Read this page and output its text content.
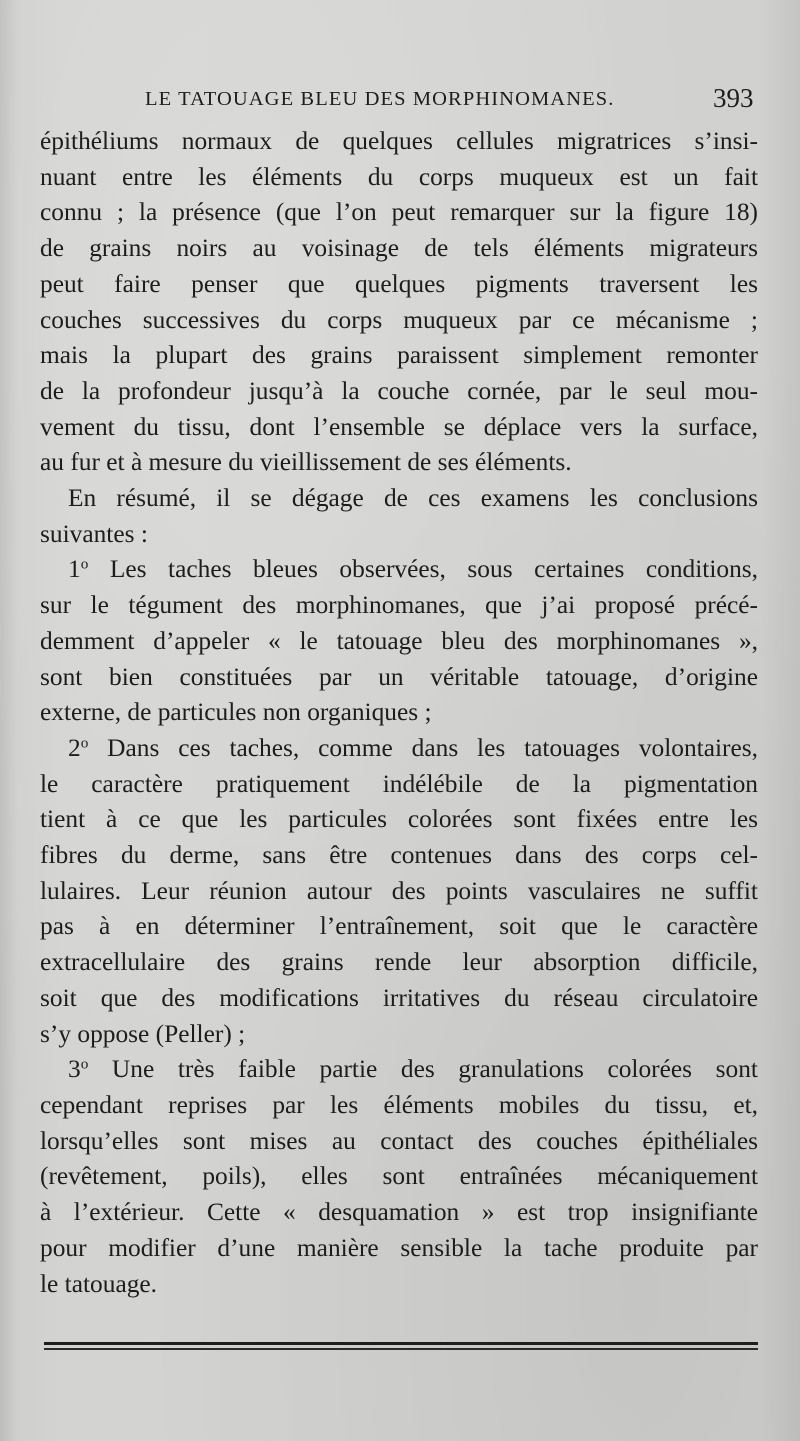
LE TATOUAGE BLEU DES MORPHINOMANES.	393

épithéliums normaux de quelques cellules migratrices s’insi-
nuant entre les éléments du corps muqueux est un fait
connu ; la présence (que l’on peut remarquer sur la figure 18)
de grains noirs au voisinage de tels éléments migrateurs
peut faire penser que quelques pigments traversent les
couches successives du corps muqueux par ce mécanisme ;
mais la plupart des grains paraissent simplement remonter
de la profondeur jusqu’à la couche cornée, par le seul mou-
vement du tissu, dont l’ensemble se déplace vers la surface,
au fur et à mesure du vieillissement de ses éléments.

En résumé, il se dégage de ces examens les conclusions
suivantes :

1$^o$ Les taches bleues observées, sous certaines conditions,
sur le tégument des morphinomanes, que j’ai proposé précé-
demment d’appeler « le tatouage bleu des morphinomanes »,
sont bien constituées par un véritable tatouage, d’origine
externe, de particules non organiques ;

2$^o$ Dans ces taches, comme dans les tatouages volontaires,
le caractère pratiquement indélébile de la pigmentation
tient à ce que les particules colorées sont fixées entre les
fibres du derme, sans être contenues dans des corps cel-
lulaires. Leur réunion autour des points vasculaires ne suffit
pas à en déterminer l’entraînement, soit que le caractère
extracellulaire des grains rende leur absorption difficile,
soit que des modifications irritatives du réseau circulatoire
s’y oppose (Peller) ;

3$^o$ Une très faible partie des granulations colorées sont
cependant reprises par les éléments mobiles du tissu, et,
lorsqu’elles sont mises au contact des couches épithéliales
(revêtement, poils), elles sont entraînées mécaniquement
à l’extérieur. Cette « desquamation » est trop insignifiante
pour modifier d’une manière sensible la tache produite par
le tatouage.
